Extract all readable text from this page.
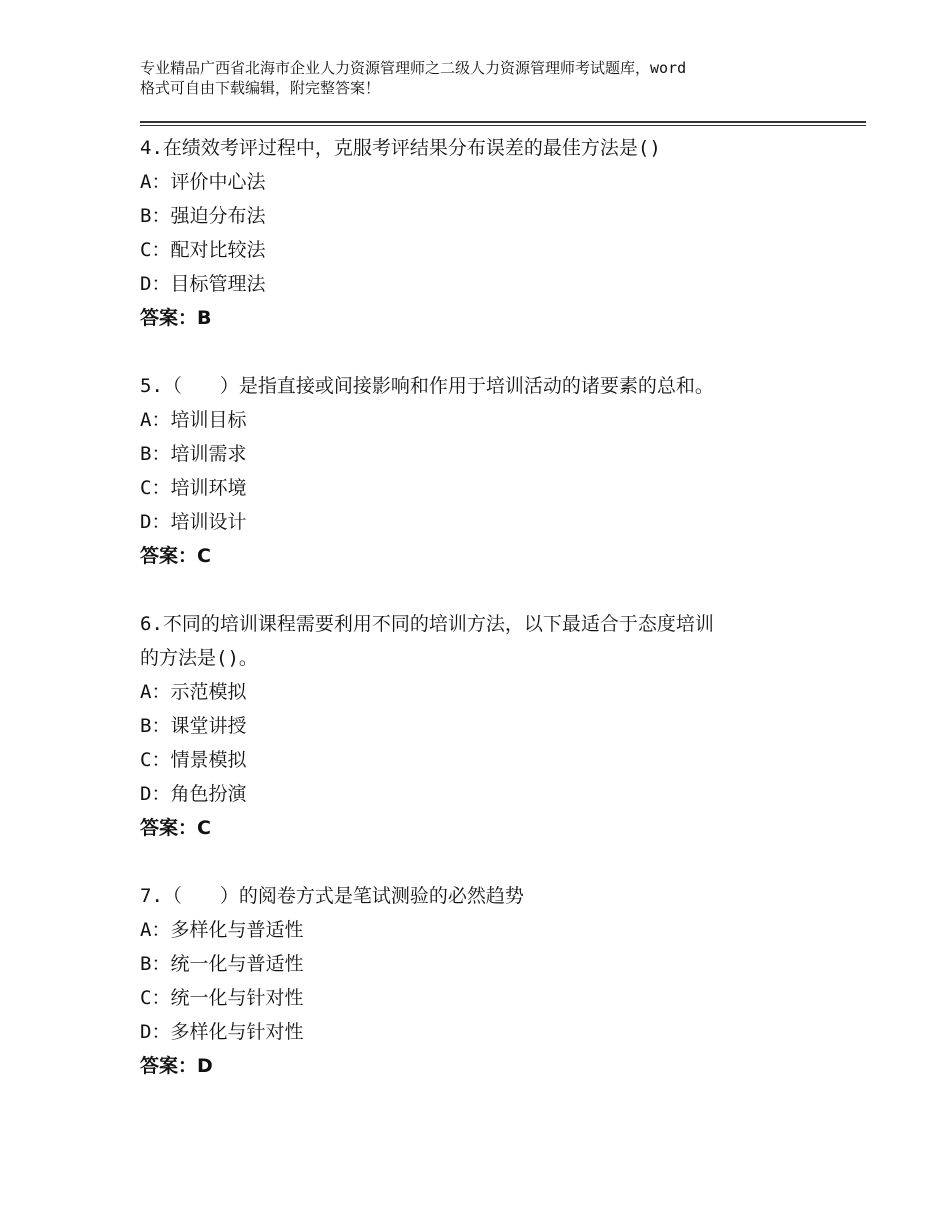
专业精品广西省北海市企业人力资源管理师之二级人力资源管理师考试题库，word
格式可自由下载编辑，附完整答案！
4.在绩效考评过程中，克服考评结果分布误差的最佳方法是()
A：评价中心法
B：强迫分布法
C：配对比较法
D：目标管理法
答案：B
5.（　　）是指直接或间接影响和作用于培训活动的诸要素的总和。
A：培训目标
B：培训需求
C：培训环境
D：培训设计
答案：C
6.不同的培训课程需要利用不同的培训方法，以下最适合于态度培训
的方法是()。
A：示范模拟
B：课堂讲授
C：情景模拟
D：角色扮演
答案：C
7.（　　）的阅卷方式是笔试测验的必然趋势
A：多样化与普适性
B：统一化与普适性
C：统一化与针对性
D：多样化与针对性
答案：D
